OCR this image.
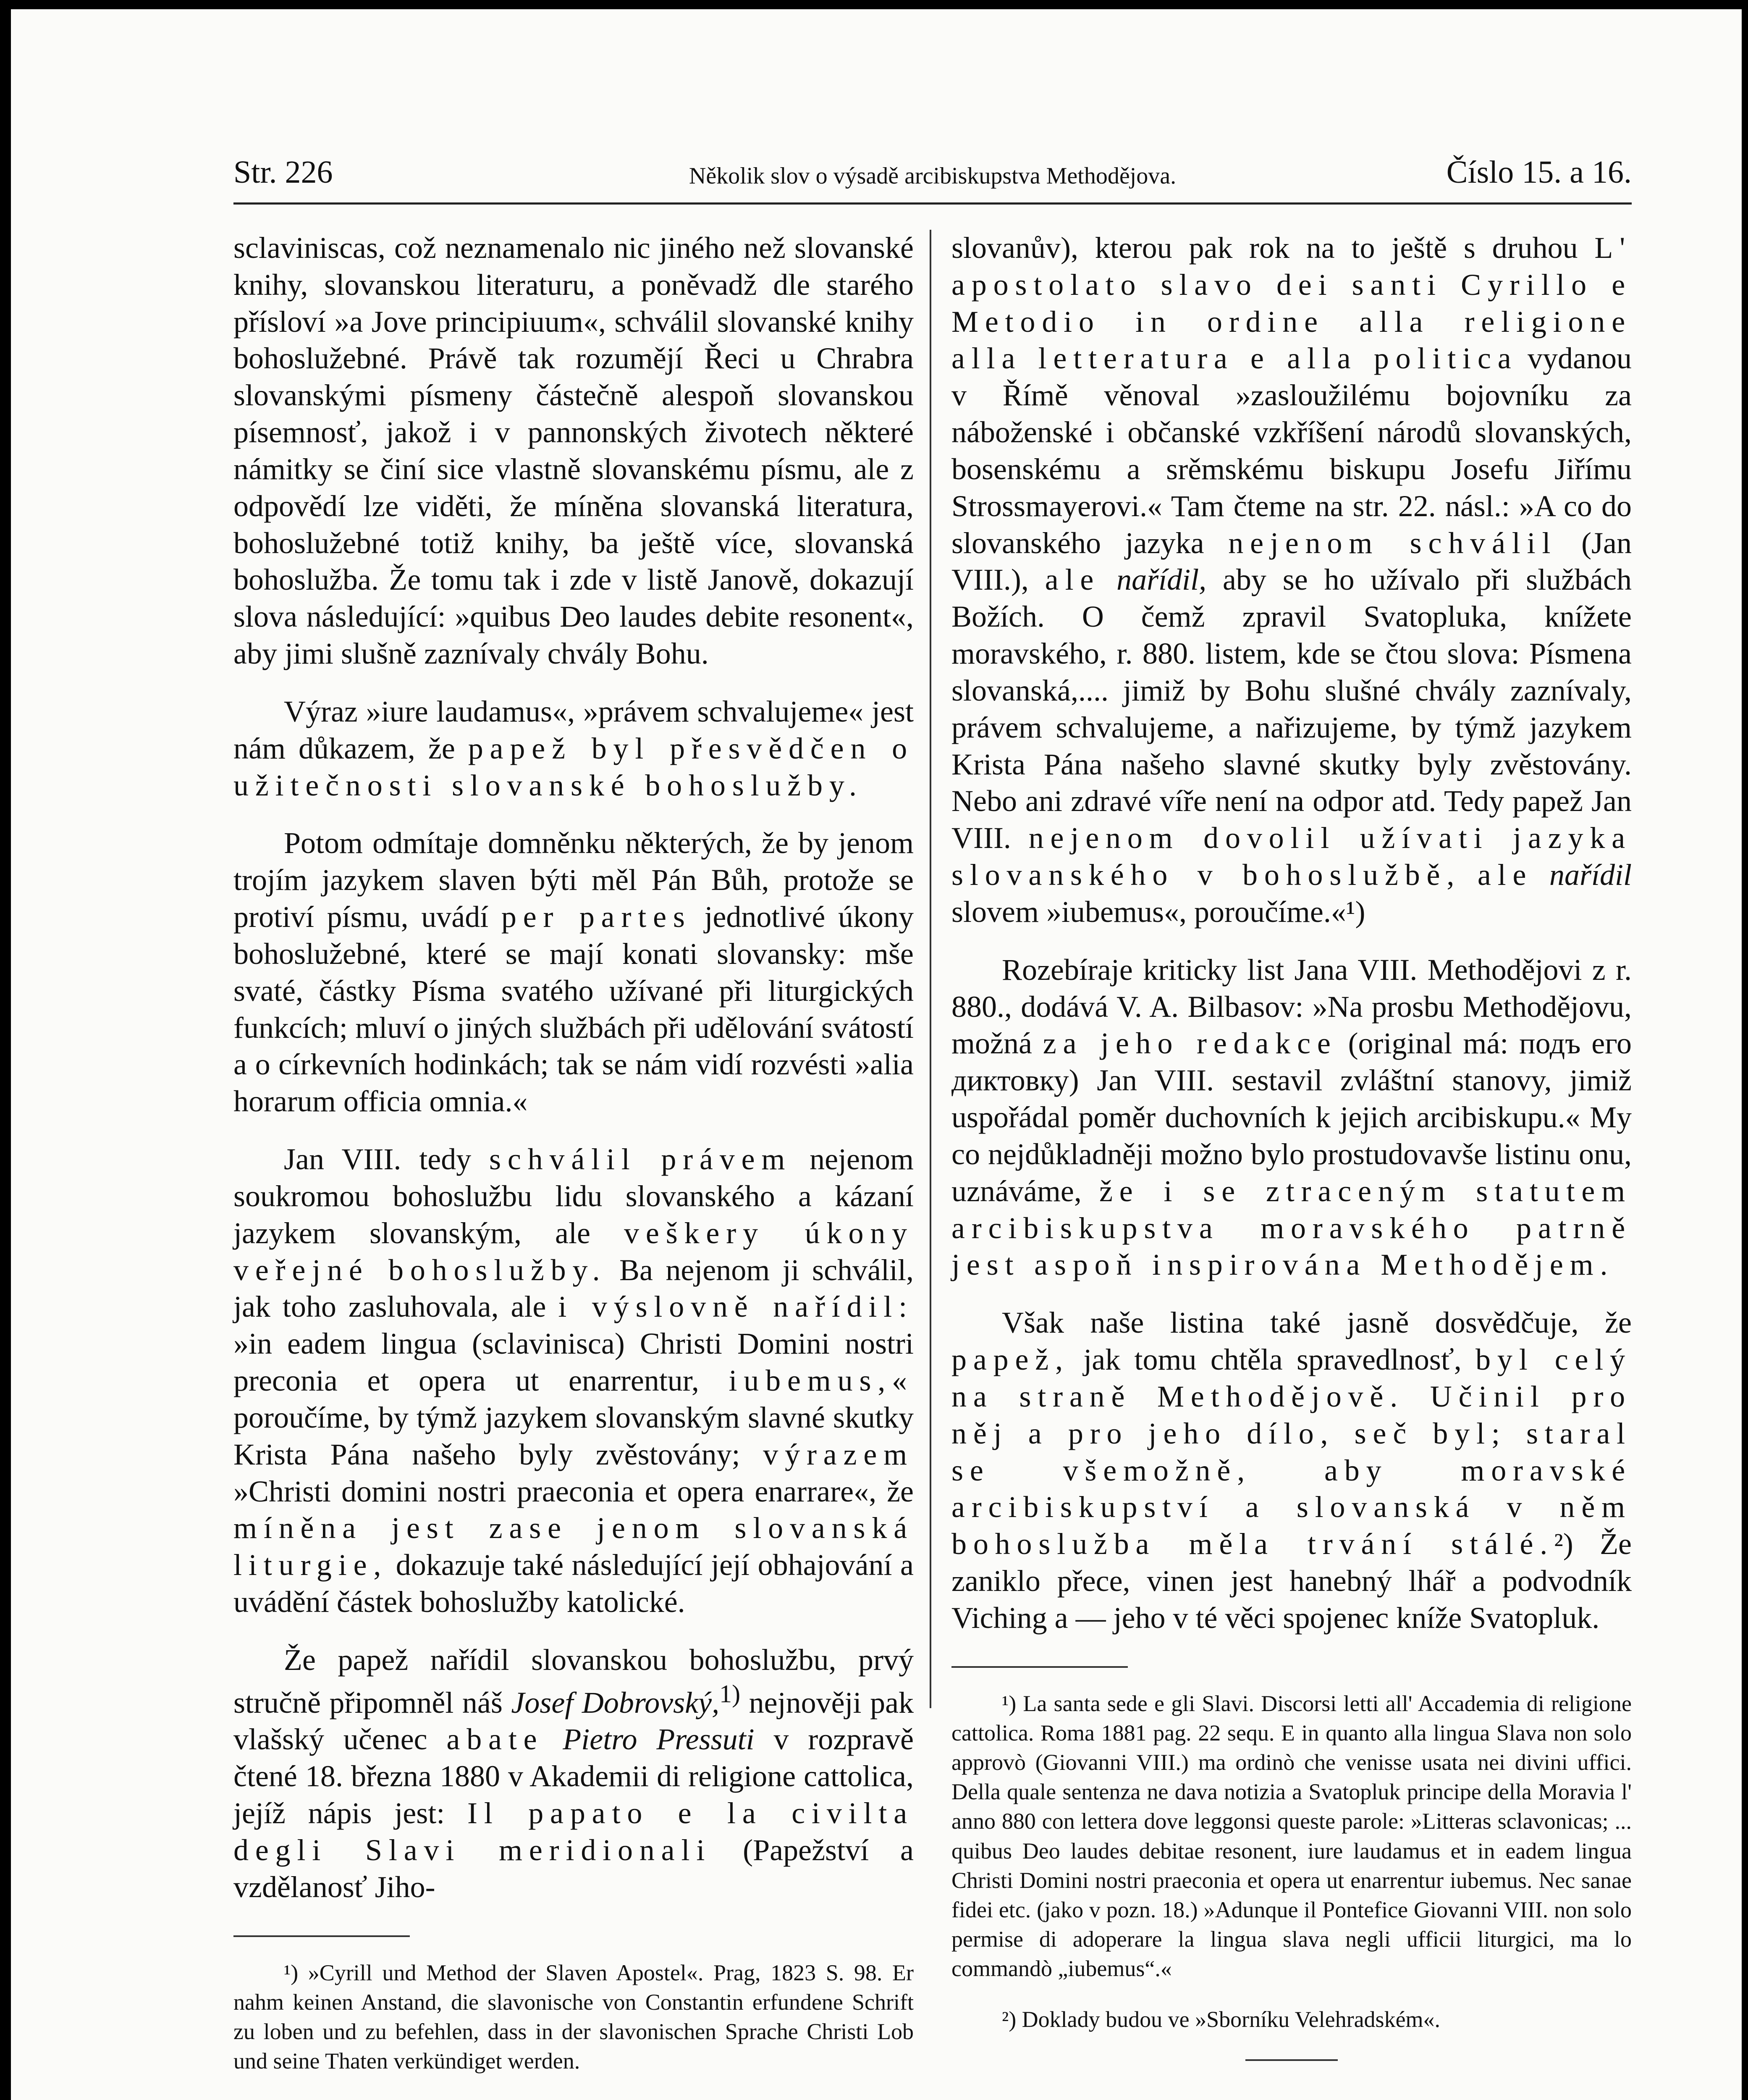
Str. 226	Několik slov o výsadě arcibiskupstva Methodějova.	Číslo 15. a 16.

sclaviniscas, což neznamenalo nic jiného než slovanské knihy, slovanskou literaturu, a poněvadž dle starého přísloví »a Jove principiuum«, schválil slovanské knihy bohoslužebné. Právě tak rozumějí Řeci u Chrabra slovanskými písmeny částečně alespoň slovanskou písemnosť, jakož i v pannonských životech některé námitky se činí sice vlastně slovanskému písmu, ale z odpovědí lze viděti, že míněna slovanská literatura, bohoslužebné totiž knihy, ba ještě více, slovanská bohoslužba. Že tomu tak i zde v listě Janově, dokazují slova následující: »quibus Deo laudes debite resonent«, aby jimi slušně zaznívaly chvály Bohu.

Výraz »iure laudamus«, »právem schvalujeme« jest nám důkazem, že papež byl přesvědčen o užitečnosti slovanské bohoslužby.

Potom odmítaje domněnku některých, že by jenom trojím jazykem slaven býti měl Pán Bůh, protože se protiví písmu, uvádí per partes jednotlivé úkony bohoslužebné, které se mají konati slovansky: mše svaté, částky Písma svatého užívané při liturgických funkcích; mluví o jiných službách při udělování svátostí a o církevních hodinkách; tak se nám vidí rozvésti »alia horarum officia omnia.«

Jan VIII. tedy schválil právem nejenom soukromou bohoslužbu lidu slovanského a kázaní jazykem slovanským, ale veškery úkony veřejné bohoslužby. Ba nejenom ji schválil, jak toho zasluhovala, ale i výslovně nařídil: »in eadem lingua (sclavinisca) Christi Domini nostri preconia et opera ut enarrentur, iubemus,« poroučíme, by týmž jazykem slovanským slavné skutky Krista Pána našeho byly zvěstovány; výrazem »Christi domini nostri praeconia et opera enarrare«, že míněna jest zase jenom slovanská liturgie, dokazuje také následující její obhajování a uvádění částek bohoslužby katolické.

Že papež nařídil slovanskou bohoslužbu, prvý stručně připomněl náš Josef Dobrovský,$^{1)}$ nejnověji pak vlašský učenec abate Pietro Pressuti v rozpravě čtené 18. března 1880 v Akademii di religione cattolica, jejíž nápis jest: Il papato e la civilta degli Slavi meridionali (Papežství a vzdělanosť Jiho-

¹) »Cyrill und Method der Slaven Apostel«. Prag, 1823 S. 98. Er nahm keinen Anstand, die slavonische von Constantin erfundene Schrift zu loben und zu befehlen, dass in der slavonischen Sprache Christi Lob und seine Thaten verkündiget werden.

slovanův), kterou pak rok na to ještě s druhou L' apostolato slavo dei santi Cyrillo e Metodio in ordine alla religione alla letteratura e alla politica vydanou v Římě věnoval »zasloužilému bojovníku za náboženské i občanské vzkříšení národů slovanských, bosenskému a srěmskému biskupu Josefu Jiřímu Strossmayerovi.« Tam čteme na str. 22. násl.: »A co do slovanského jazyka nejenom schválil (Jan VIII.), ale nařídil, aby se ho užívalo při službách Božích. O čemž zpravil Svatopluka, knížete moravského, r. 880. listem, kde se čtou slova: Písmena slovanská,.... jimiž by Bohu slušné chvály zaznívaly, právem schvalujeme, a nařizujeme, by týmž jazykem Krista Pána našeho slavné skutky byly zvěstovány. Nebo ani zdravé víře není na odpor atd. Tedy papež Jan VIII. nejenom dovolil užívati jazyka slovanského v bohoslužbě, ale nařídil slovem »iubemus«, poroučíme.«¹)

Rozebíraje kriticky list Jana VIII. Methodějovi z r. 880., dodává V. A. Bilbasov: »Na prosbu Methodějovu, možná za jeho redakce (original má: подъ его диктовку) Jan VIII. sestavil zvláštní stanovy, jimiž uspořádal poměr duchovních k jejich arcibiskupu.« My co nejdůkladněji možno bylo prostudovavše listinu onu, uznáváme, že i se ztraceným statutem arcibiskupstva moravského patrně jest aspoň inspirována Methodějem.

Však naše listina také jasně dosvědčuje, že papež, jak tomu chtěla spravedlnosť, byl celý na straně Methodějově. Učinil pro něj a pro jeho dílo, seč byl; staral se všemožně, aby moravské arcibiskupství a slovanská v něm bohoslužba měla trvání stálé.²) Že zaniklo přece, vinen jest hanebný lhář a podvodník Viching a — jeho v té věci spojenec kníže Svatopluk.

¹) La santa sede e gli Slavi. Discorsi letti all' Accademia di religione cattolica. Roma 1881 pag. 22 sequ. E in quanto alla lingua Slava non solo approvò (Giovanni VIII.) ma ordinò che venisse usata nei divini uffici. Della quale sentenza ne dava notizia a Svatopluk principe della Moravia l' anno 880 con lettera dove leggonsi queste parole: »Litteras sclavonicas; ... quibus Deo laudes debitae resonent, iure laudamus et in eadem lingua Christi Domini nostri praeconia et opera ut enarrentur iubemus. Nec sanae fidei etc. (jako v pozn. 18.) »Adunque il Pontefice Giovanni VIII. non solo permise di adoperare la lingua slava negli ufficii liturgici, ma lo commandò „iubemus“.«

²) Doklady budou ve »Sborníku Velehradském«.
